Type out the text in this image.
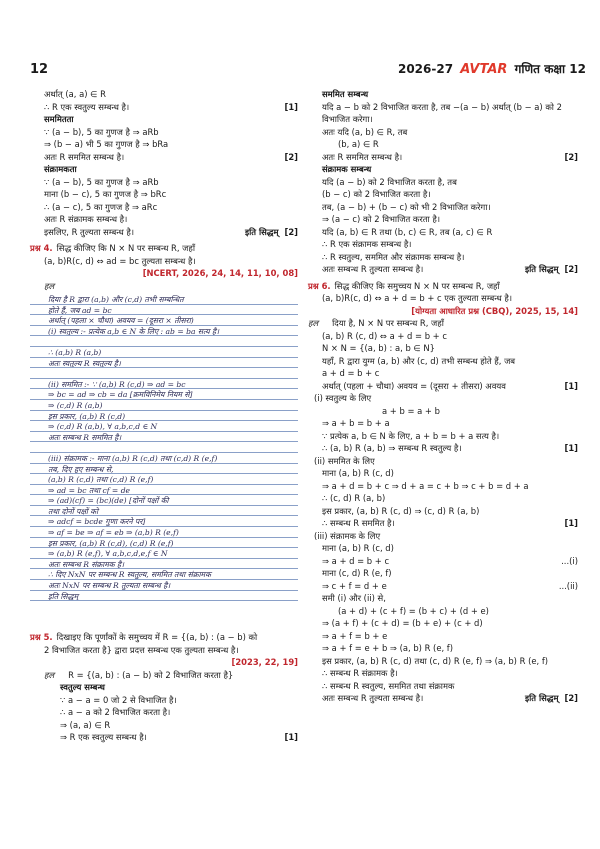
12	2026-27 AVTAR गणित कक्षा 12
अर्थात् (a, a) ∈ R
∴ R एक स्वतुल्य सम्बन्ध है।	[1]
सममितता
∵ (a − b), 5 का गुणज है ⇒ aRb
⇒ (b − a) भी 5 का गुणज है ⇒ bRa
अतः R सममित सम्बन्ध है।	[2]
संक्रामकता
∵ (a − b), 5 का गुणज है ⇒ aRb
माना (b − c), 5 का गुणज है ⇒ bRc
∴ (a − c), 5 का गुणज है ⇒ aRc
अतः R संक्रामक सम्बन्ध है।
इसलिए, R तुल्यता सम्बन्ध है।	इति सिद्धम् [2]
प्रश्न 4. सिद्ध कीजिए कि N × N पर सम्बन्ध R, जहाँ
(a, b)R(c, d) ⇔ ad = bc तुल्यता सम्बन्ध है।
[NCERT, 2026, 24, 14, 11, 10, 08]
हल
दिया है R द्वारा (a,b) और (c,d) तभी सम्बन्धित
होते हैं, जब ad = bc
अर्थात् (पहला × चौथा) अवयव = (दूसरा × तीसरा)
(i) स्वतुल्य :- प्रत्येक a,b ∈ N के लिए : ab = ba सत्य है।
∴ (a,b) R (a,b)
अतः स्वतुल्य R स्वतुल्य है।
(ii) सममित :- ∵ (a,b) R (c,d) ⇒ ad = bc
⇒ bc = ad ⇒ cb = da [क्रमविनिमेय नियम से]
⇒ (c,d) R (a,b)
इस प्रकार, (a,b) R (c,d)
⇒ (c,d) R (a,b), ∀ a,b,c,d ∈ N
अतः सम्बन्ध R सममित है।
(iii) संक्रामक :- माना (a,b) R (c,d) तथा (c,d) R (e,f)
तब, दिए हुए सम्बन्ध से,
(a,b) R (c,d) तथा (c,d) R (e,f)
⇒ ad = bc तथा cf = de
⇒ (ad)(cf) = (bc)(de) [दोनों पक्षों की
तथा दोनों पक्षों को
⇒ adcf = bcde गुणा करने पर]
⇒ af = be ⇒ af = eb ⇒ (a,b) R (e,f)
इस प्रकार, (a,b) R (c,d), (c,d) R (e,f)
⇒ (a,b) R (e,f), ∀ a,b,c,d,e,f ∈ N
अतः सम्बन्ध R संक्रामक है।
∴ दिए NxN पर सम्बन्ध R स्वतुल्य, सममित तथा संक्रामक
अतः NxN पर सम्बन्ध R तुल्यता सम्बन्ध है।
इति सिद्धम्
प्रश्न 5. दिखाइए कि पूर्णांकों के समुच्चय में R = {(a, b) : (a − b) को
2 विभाजित करता है} द्वारा प्रदत्त सम्बन्ध एक तुल्यता सम्बन्ध है।
[2023, 22, 19]
हल R = {(a, b) : (a − b) को 2 विभाजित करता है}
स्वतुल्य सम्बन्ध
∵ a − a = 0 जो 2 से विभाजित है।
∴ a − a को 2 विभाजित करता है।
⇒ (a, a) ∈ R
⇒ R एक स्वतुल्य सम्बन्ध है।	[1]
सममित सम्बन्ध
यदि a − b को 2 विभाजित करता है, तब −(a − b) अर्थात् (b − a) को 2
विभाजित करेगा।
अतः यदि (a, b) ∈ R, तब
(b, a) ∈ R
अतः R सममित सम्बन्ध है।	[2]
संक्रामक सम्बन्ध
यदि (a − b) को 2 विभाजित करता है, तब
(b − c) को 2 विभाजित करता है।
तब, (a − b) + (b − c) को भी 2 विभाजित करेगा।
⇒ (a − c) को 2 विभाजित करता है।
यदि (a, b) ∈ R तथा (b, c) ∈ R, तब (a, c) ∈ R
∴ R एक संक्रामक सम्बन्ध है।
∴ R स्वतुल्य, सममित और संक्रामक सम्बन्ध है।
अतः सम्बन्ध R तुल्यता सम्बन्ध है।	इति सिद्धम् [2]
प्रश्न 6. सिद्ध कीजिए कि समुच्चय N × N पर सम्बन्ध R, जहाँ
(a, b)R(c, d) ⇔ a + d = b + c एक तुल्यता सम्बन्ध है।
[योग्यता आधारित प्रश्न (CBQ), 2025, 15, 14]
हल दिया है, N × N पर सम्बन्ध R, जहाँ
(a, b) R (c, d) ⇔ a + d = b + c
N × N = {(a, b) : a, b ∈ N}
यहाँ, R द्वारा युग्म (a, b) और (c, d) तभी सम्बन्ध होते हैं, जब
a + d = b + c
अर्थात् (पहला + चौथा) अवयव = (दूसरा + तीसरा) अवयव	[1]
(i) स्वतुल्य के लिए
a + b = a + b
⇒ a + b = b + a
∵ प्रत्येक a, b ∈ N के लिए, a + b = b + a सत्य है।
∴ (a, b) R (a, b) ⇒ सम्बन्ध R स्वतुल्य है।	[1]
(ii) सममित के लिए
माना (a, b) R (c, d)
⇒ a + d = b + c ⇒ d + a = c + b ⇒ c + b = d + a
∴ (c, d) R (a, b)
इस प्रकार, (a, b) R (c, d) ⇒ (c, d) R (a, b)
∴ सम्बन्ध R सममित है।	[1]
(iii) संक्रामक के लिए
माना (a, b) R (c, d)
⇒ a + d = b + c	...(i)
माना (c, d) R (e, f)
⇒ c + f = d + e	...(ii)
समी (i) और (ii) से,
(a + d) + (c + f) = (b + c) + (d + e)
⇒ (a + f) + (c + d) = (b + e) + (c + d)
⇒ a + f = b + e
⇒ a + f = e + b ⇒ (a, b) R (e, f)
इस प्रकार, (a, b) R (c, d) तथा (c, d) R (e, f) ⇒ (a, b) R (e, f)
∴ सम्बन्ध R संक्रामक है।
∴ सम्बन्ध R स्वतुल्य, सममित तथा संक्रामक
अतः सम्बन्ध R तुल्यता सम्बन्ध है।	इति सिद्धम् [2]
